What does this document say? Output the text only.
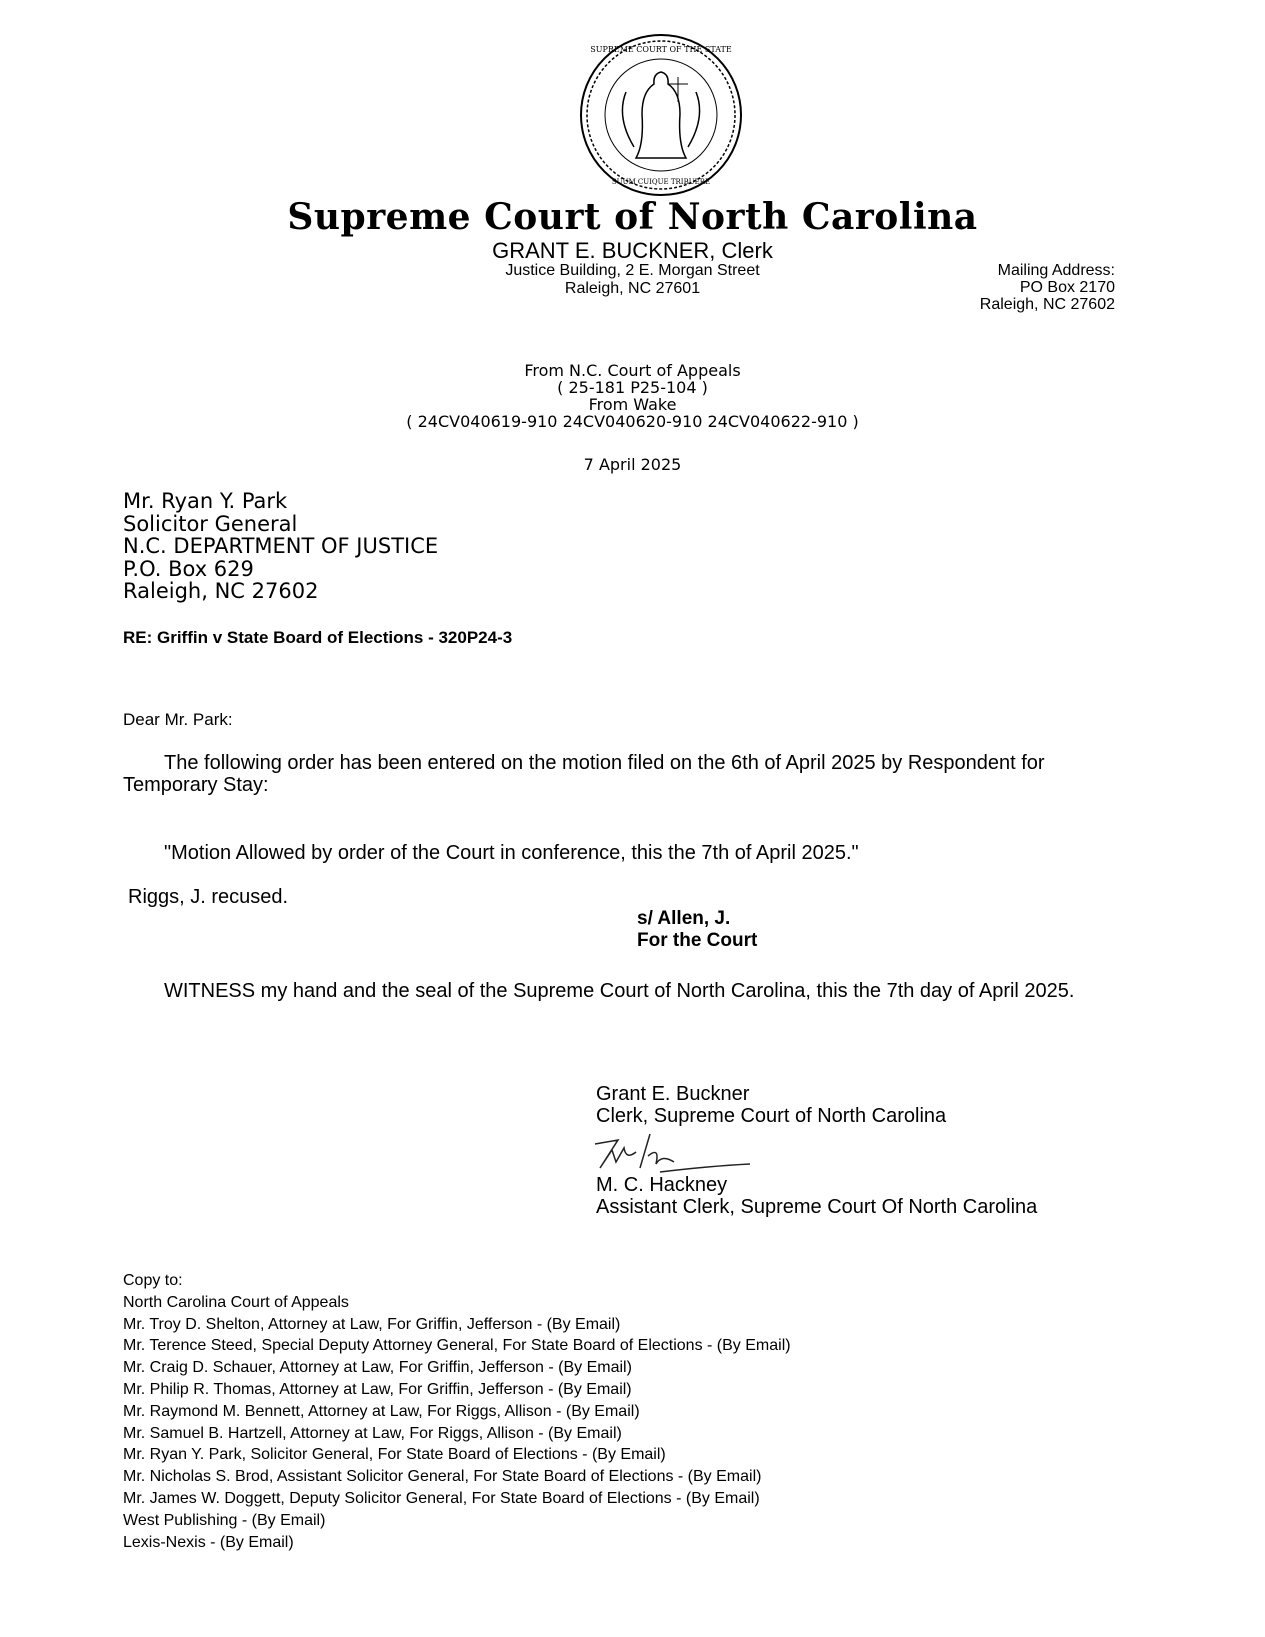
SUPREME COURT OF THE STATE
SUUM CUIQUE TRIBUERE
Supreme Court of North Carolina
GRANT E. BUCKNER, Clerk
Justice Building, 2 E. Morgan Street
Raleigh, NC 27601
Mailing Address:
PO Box 2170
Raleigh, NC 27602
From N.C. Court of Appeals
( 25-181 P25-104 )
From Wake
( 24CV040619-910 24CV040620-910 24CV040622-910 )
7 April 2025
Mr. Ryan Y. Park
Solicitor General
N.C. DEPARTMENT OF JUSTICE
P.O. Box 629
Raleigh, NC 27602
RE: Griffin v State Board of Elections - 320P24-3
Dear Mr. Park:
The following order has been entered on the motion filed on the 6th of April 2025 by Respondent for Temporary Stay:
"Motion Allowed by order of the Court in conference, this the 7th of April 2025."
Riggs, J. recused.
s/ Allen, J.
For the Court
WITNESS my hand and the seal of the Supreme Court of North Carolina, this the 7th day of April 2025.
Grant E. Buckner
Clerk, Supreme Court of North Carolina
M. C. Hackney
Assistant Clerk, Supreme Court Of North Carolina
Copy to:
North Carolina Court of Appeals
Mr. Troy D. Shelton, Attorney at Law, For Griffin, Jefferson - (By Email)
Mr. Terence Steed, Special Deputy Attorney General, For State Board of Elections - (By Email)
Mr. Craig D. Schauer, Attorney at Law, For Griffin, Jefferson - (By Email)
Mr. Philip R. Thomas, Attorney at Law, For Griffin, Jefferson - (By Email)
Mr. Raymond M. Bennett, Attorney at Law, For Riggs, Allison - (By Email)
Mr. Samuel B. Hartzell, Attorney at Law, For Riggs, Allison - (By Email)
Mr. Ryan Y. Park, Solicitor General, For State Board of Elections - (By Email)
Mr. Nicholas S. Brod, Assistant Solicitor General, For State Board of Elections - (By Email)
Mr. James W. Doggett, Deputy Solicitor General, For State Board of Elections - (By Email)
West Publishing - (By Email)
Lexis-Nexis - (By Email)
